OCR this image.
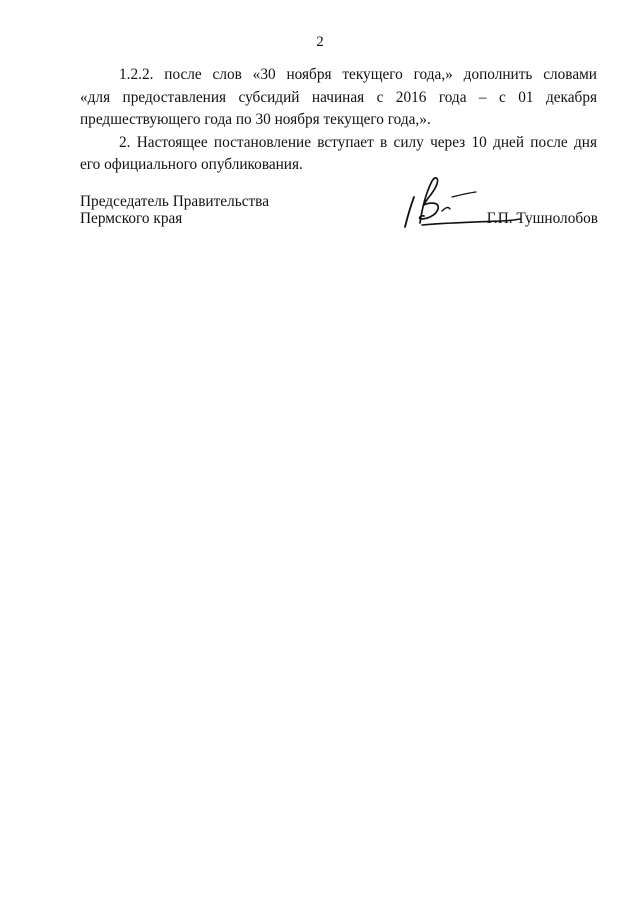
2

1.2.2. после слов «30 ноября текущего года,» дополнить словами
«для предоставления субсидий начиная с 2016 года – с 01 декабря
предшествующего года по 30 ноября текущего года,».

2. Настоящее постановление вступает в силу через 10 дней после дня
его официального опубликования.

Председатель Правительства
Пермского края	Г.П. Тушнолобов
